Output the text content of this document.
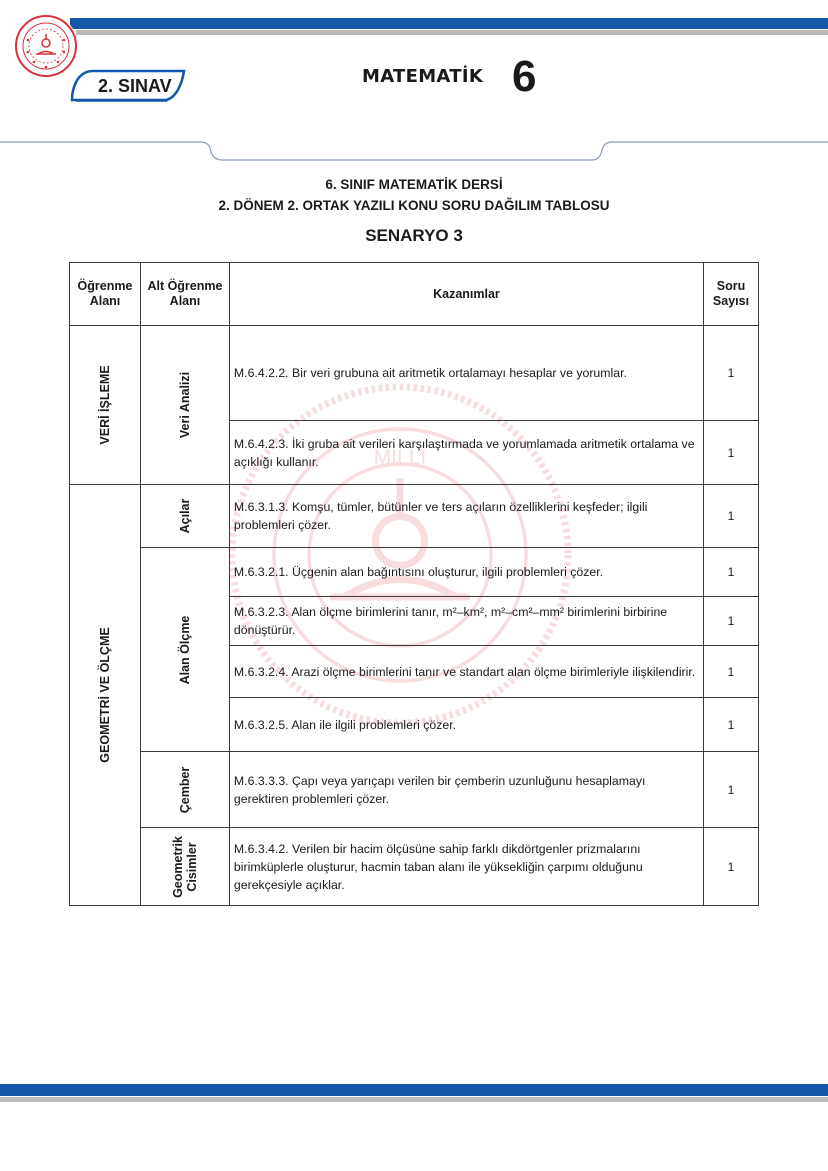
2. SINAV	MATEMATİK 6
6. SINIF MATEMATİK DERSİ
2. DÖNEM 2. ORTAK YAZILI KONU SORU DAĞILIM TABLOSU
SENARYO 3
MİLLİ
Öğrenme Alanı	Alt Öğrenme Alanı	Kazanımlar	Soru Sayısı

VERİ İŞLEME	Veri Analizi	M.6.4.2.2. Bir veri grubuna ait aritmetik ortalamayı hesaplar ve yorumlar.	1
		M.6.4.2.3. İki gruba ait verileri karşılaştırmada ve yorumlamada aritmetik ortalama ve açıklığı kullanır.	1

GEOMETRİ VE ÖLÇME	Açılar	M.6.3.1.3. Komşu, tümler, bütünler ve ters açıların özelliklerini keşfeder; ilgili problemleri çözer.	1

	Alan Ölçme	M.6.3.2.1. Üçgenin alan bağıntısını oluşturur, ilgili problemleri çözer.	1
		M.6.3.2.3. Alan ölçme birimlerini tanır, m²–km², m²–cm²–mm² birimlerini birbirine dönüştürür.	1
		M.6.3.2.4. Arazi ölçme birimlerini tanır ve standart alan ölçme birimleriyle ilişkilendirir.	1
		M.6.3.2.5. Alan ile ilgili problemleri çözer.	1

	Çember	M.6.3.3.3. Çapı veya yarıçapı verilen bir çemberin uzunluğunu hesaplamayı gerektiren problemleri çözer.	1

	Geometrik Cisimler	M.6.3.4.2. Verilen bir hacim ölçüsüne sahip farklı dikdörtgenler prizmalarını birimküplerle oluşturur, hacmin taban alanı ile yüksekliğin çarpımı olduğunu gerekçesiyle açıklar.	1
